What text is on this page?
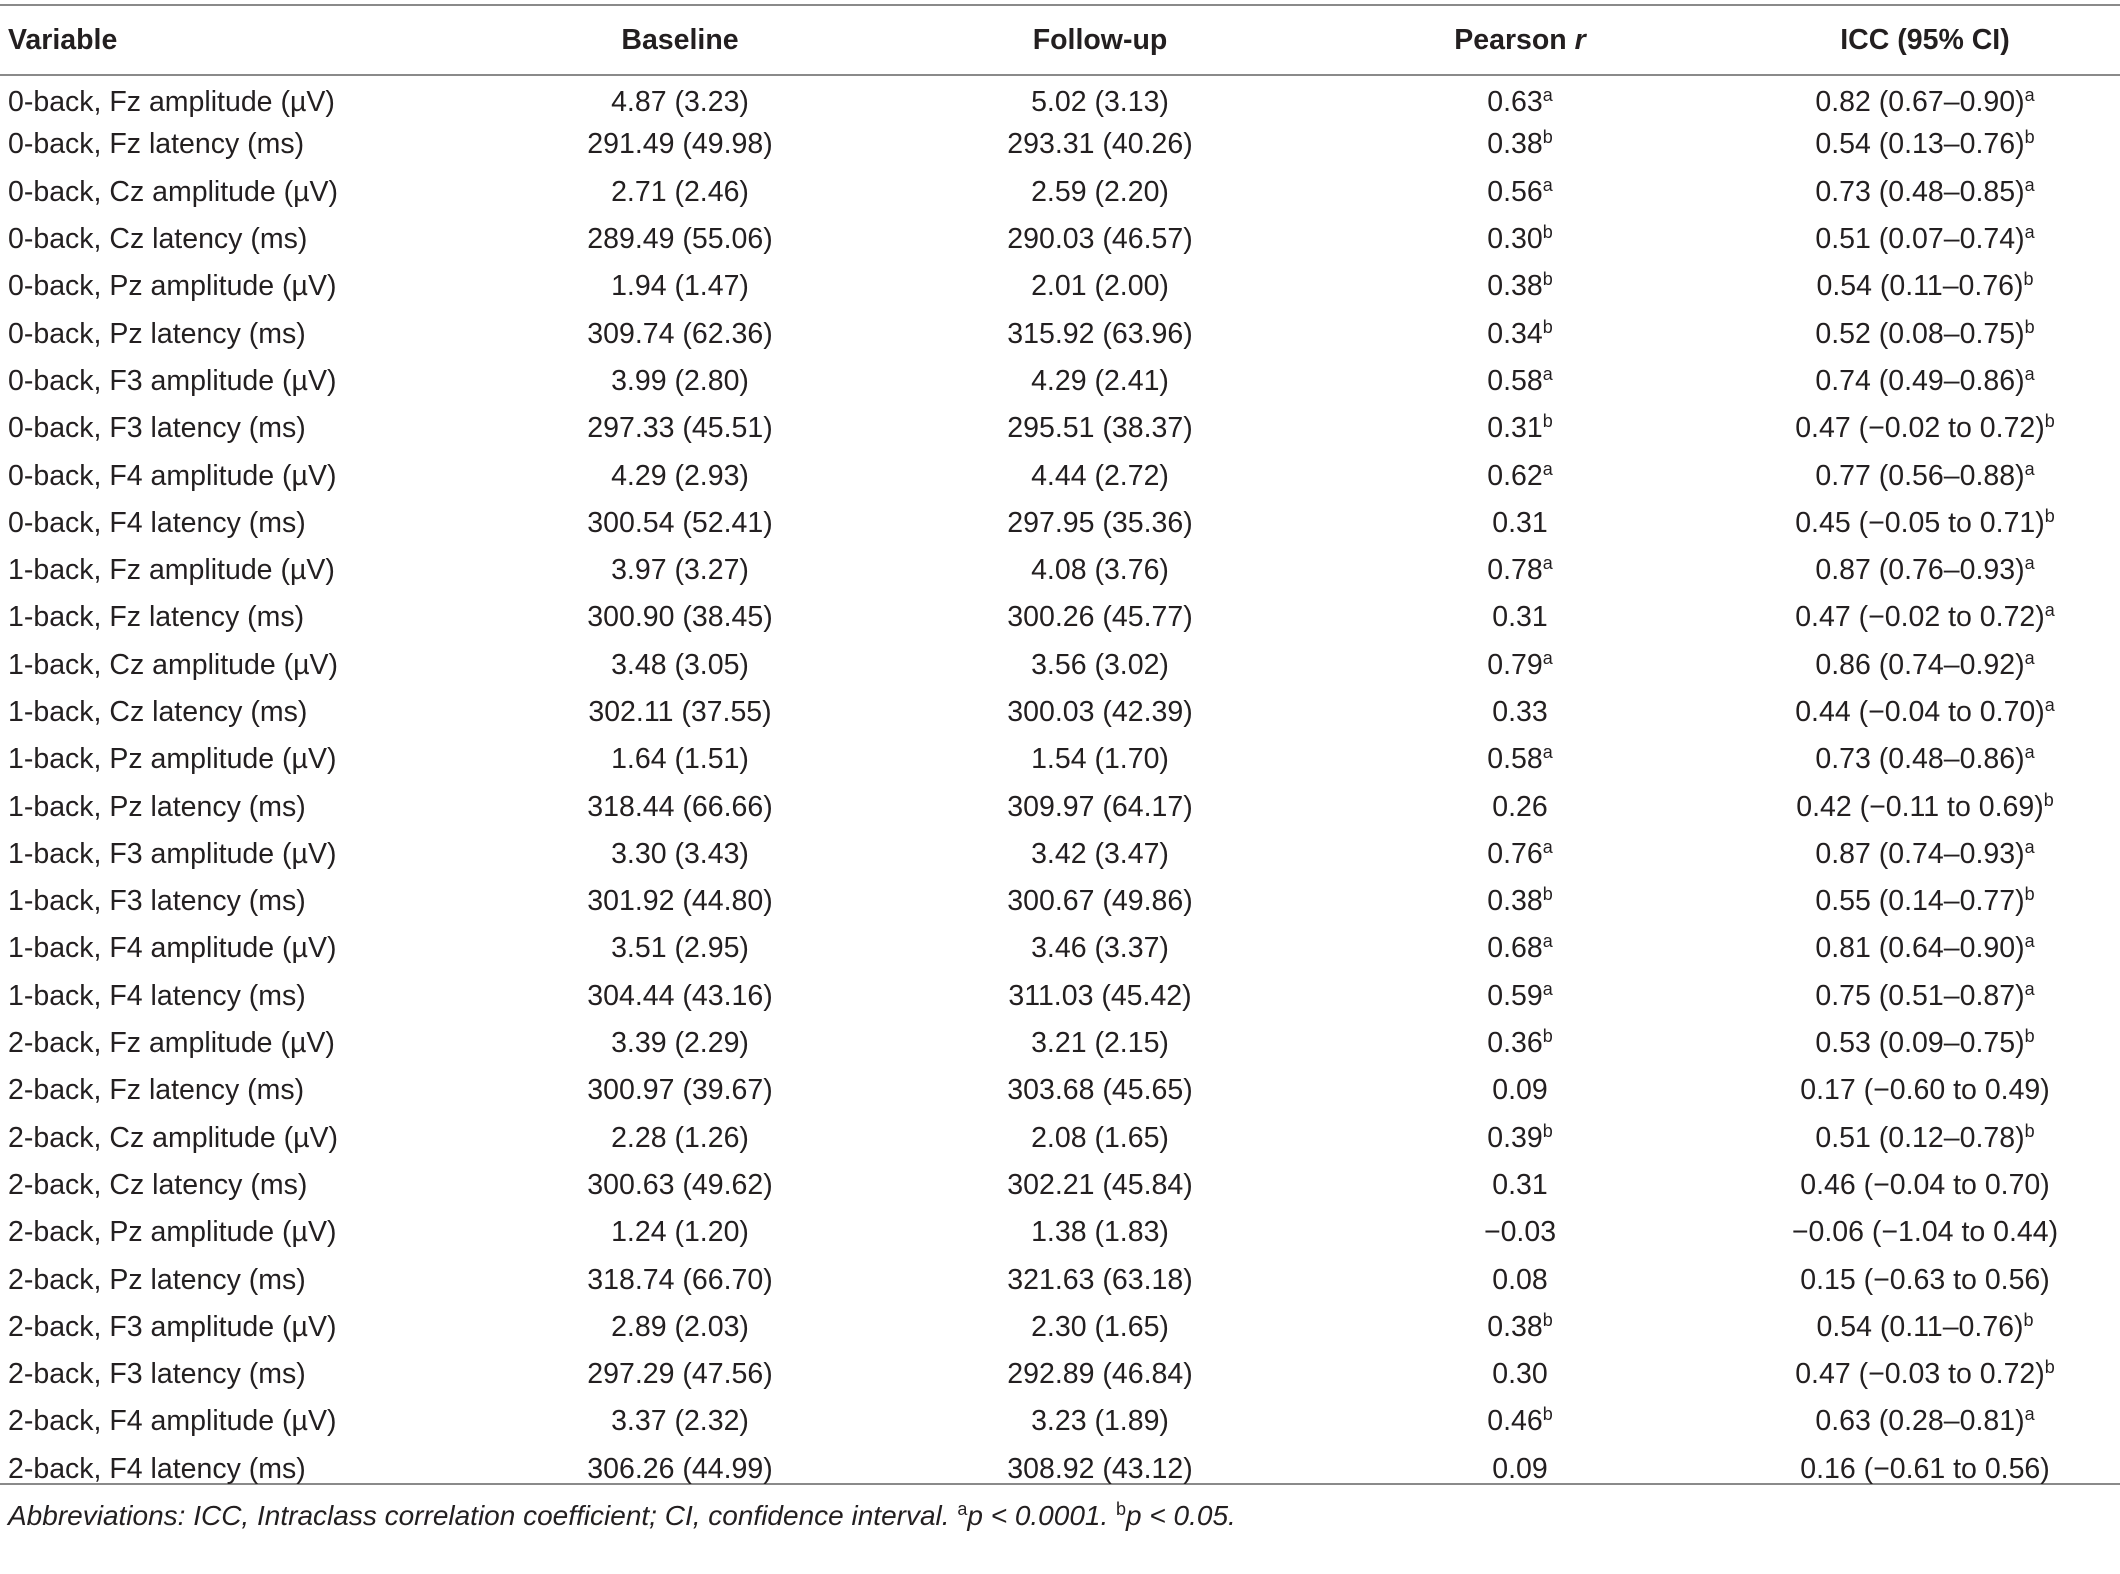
Variable	Baseline	Follow-up	Pearson r	ICC (95% CI)
0-back, Fz amplitude (µV)	4.87 (3.23)	5.02 (3.13)	0.63$^a$	0.82 $(0.67-0.90)^a$
0-back, Fz latency (ms)	291.49 (49.98)	293.31 (40.26)	0.38$^b$	0.54 $(0.13-0.76)^b$
0-back, Cz amplitude (µV)	2.71 (2.46)	2.59 (2.20)	0.56$^a$	0.73 $(0.48-0.85)^a$
0-back, Cz latency (ms)	289.49 (55.06)	290.03 (46.57)	0.30$^b$	0.51 $(0.07-0.74)^a$
0-back, Pz amplitude (µV)	1.94 (1.47)	2.01 (2.00)	0.38$^b$	0.54 $(0.11-0.76)^b$
0-back, Pz latency (ms)	309.74 (62.36)	315.92 (63.96)	0.34$^b$	0.52 $(0.08-0.75)^b$
0-back, F3 amplitude (µV)	3.99 (2.80)	4.29 (2.41)	0.58$^a$	0.74 $(0.49-0.86)^a$
0-back, F3 latency (ms)	297.33 (45.51)	295.51 (38.37)	0.31$^b$	0.47 (−0.02 to 0.72)$^b$
0-back, F4 amplitude (µV)	4.29 (2.93)	4.44 (2.72)	0.62$^a$	0.77 $(0.56-0.88)^a$
0-back, F4 latency (ms)	300.54 (52.41)	297.95 (35.36)	0.31	0.45 (−0.05 to 0.71)$^b$
1-back, Fz amplitude (µV)	3.97 (3.27)	4.08 (3.76)	0.78$^a$	0.87 $(0.76-0.93)^a$
1-back, Fz latency (ms)	300.90 (38.45)	300.26 (45.77)	0.31	0.47 (−0.02 to 0.72)$^a$
1-back, Cz amplitude (µV)	3.48 (3.05)	3.56 (3.02)	0.79$^a$	0.86 $(0.74-0.92)^a$
1-back, Cz latency (ms)	302.11 (37.55)	300.03 (42.39)	0.33	0.44 (−0.04 to 0.70)$^a$
1-back, Pz amplitude (µV)	1.64 (1.51)	1.54 (1.70)	0.58$^a$	0.73 $(0.48-0.86)^a$
1-back, Pz latency (ms)	318.44 (66.66)	309.97 (64.17)	0.26	0.42 (−0.11 to 0.69)$^b$
1-back, F3 amplitude (µV)	3.30 (3.43)	3.42 (3.47)	0.76$^a$	0.87 $(0.74-0.93)^a$
1-back, F3 latency (ms)	301.92 (44.80)	300.67 (49.86)	0.38$^b$	0.55 $(0.14-0.77)^b$
1-back, F4 amplitude (µV)	3.51 (2.95)	3.46 (3.37)	0.68$^a$	0.81 $(0.64-0.90)^a$
1-back, F4 latency (ms)	304.44 (43.16)	311.03 (45.42)	0.59$^a$	0.75 $(0.51-0.87)^a$
2-back, Fz amplitude (µV)	3.39 (2.29)	3.21 (2.15)	0.36$^b$	0.53 $(0.09-0.75)^b$
2-back, Fz latency (ms)	300.97 (39.67)	303.68 (45.65)	0.09	0.17 (−0.60 to 0.49)
2-back, Cz amplitude (µV)	2.28 (1.26)	2.08 (1.65)	0.39$^b$	0.51 $(0.12-0.78)^b$
2-back, Cz latency (ms)	300.63 (49.62)	302.21 (45.84)	0.31	0.46 (−0.04 to 0.70)
2-back, Pz amplitude (µV)	1.24 (1.20)	1.38 (1.83)	−0.03	−0.06 (−1.04 to 0.44)
2-back, Pz latency (ms)	318.74 (66.70)	321.63 (63.18)	0.08	0.15 (−0.63 to 0.56)
2-back, F3 amplitude (µV)	2.89 (2.03)	2.30 (1.65)	0.38$^b$	0.54 $(0.11-0.76)^b$
2-back, F3 latency (ms)	297.29 (47.56)	292.89 (46.84)	0.30	0.47 (−0.03 to 0.72)$^b$
2-back, F4 amplitude (µV)	3.37 (2.32)	3.23 (1.89)	0.46$^b$	0.63 $(0.28-0.81)^a$
2-back, F4 latency (ms)	306.26 (44.99)	308.92 (43.12)	0.09	0.16 (−0.61 to 0.56)
Abbreviations: ICC, Intraclass correlation coefficient; CI, confidence interval. $^a$p < 0.0001. $^b$p < 0.05.
